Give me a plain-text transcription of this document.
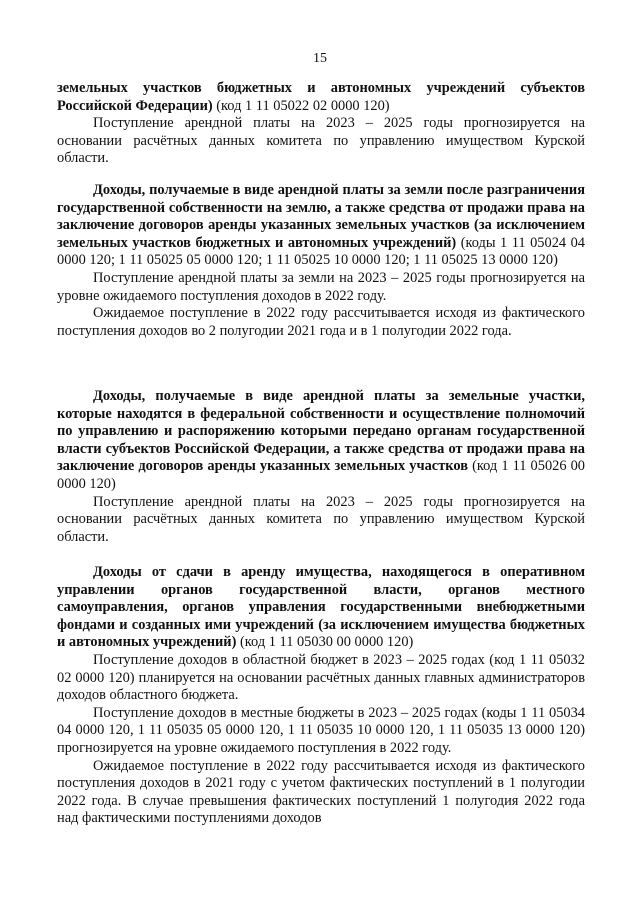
15

земельных участков бюджетных и автономных учреждений субъектов Российской Федерации) (код 1 11 05022 02 0000 120)

Поступление арендной платы на 2023 – 2025 годы прогнозируется на основании расчётных данных комитета по управлению имуществом Курской области.

Доходы, получаемые в виде арендной платы за земли после разграничения государственной собственности на землю, а также средства от продажи права на заключение договоров аренды указанных земельных участков (за исключением земельных участков бюджетных и автономных учреждений) (коды 1 11 05024 04 0000 120; 1 11 05025 05 0000 120; 1 11 05025 10 0000 120; 1 11 05025 13 0000 120)

Поступление арендной платы за земли на 2023 – 2025 годы прогнозируется на уровне ожидаемого поступления доходов в 2022 году.

Ожидаемое поступление в 2022 году рассчитывается исходя из фактического поступления доходов во 2 полугодии 2021 года и в 1 полугодии 2022 года.

Доходы, получаемые в виде арендной платы за земельные участки, которые находятся в федеральной собственности и осуществление полномочий по управлению и распоряжению которыми передано органам государственной власти субъектов Российской Федерации, а также средства от продажи права на заключение договоров аренды указанных земельных участков (код 1 11 05026 00 0000 120)

Поступление арендной платы на 2023 – 2025 годы прогнозируется на основании расчётных данных комитета по управлению имуществом Курской области.

Доходы от сдачи в аренду имущества, находящегося в оперативном управлении органов государственной власти, органов местного самоуправления, органов управления государственными внебюджетными фондами и созданных ими учреждений (за исключением имущества бюджетных и автономных учреждений) (код 1 11 05030 00 0000 120)

Поступление доходов в областной бюджет в 2023 – 2025 годах (код 1 11 05032 02 0000 120) планируется на основании расчётных данных главных администраторов доходов областного бюджета.

Поступление доходов в местные бюджеты в 2023 – 2025 годах (коды 1 11 05034 04 0000 120, 1 11 05035 05 0000 120, 1 11 05035 10 0000 120, 1 11 05035 13 0000 120) прогнозируется на уровне ожидаемого поступления в 2022 году.

Ожидаемое поступление в 2022 году рассчитывается исходя из фактического поступления доходов в 2021 году с учетом фактических поступлений в 1 полугодии 2022 года. В случае превышения фактических поступлений 1 полугодия 2022 года над фактическими поступлениями доходов
